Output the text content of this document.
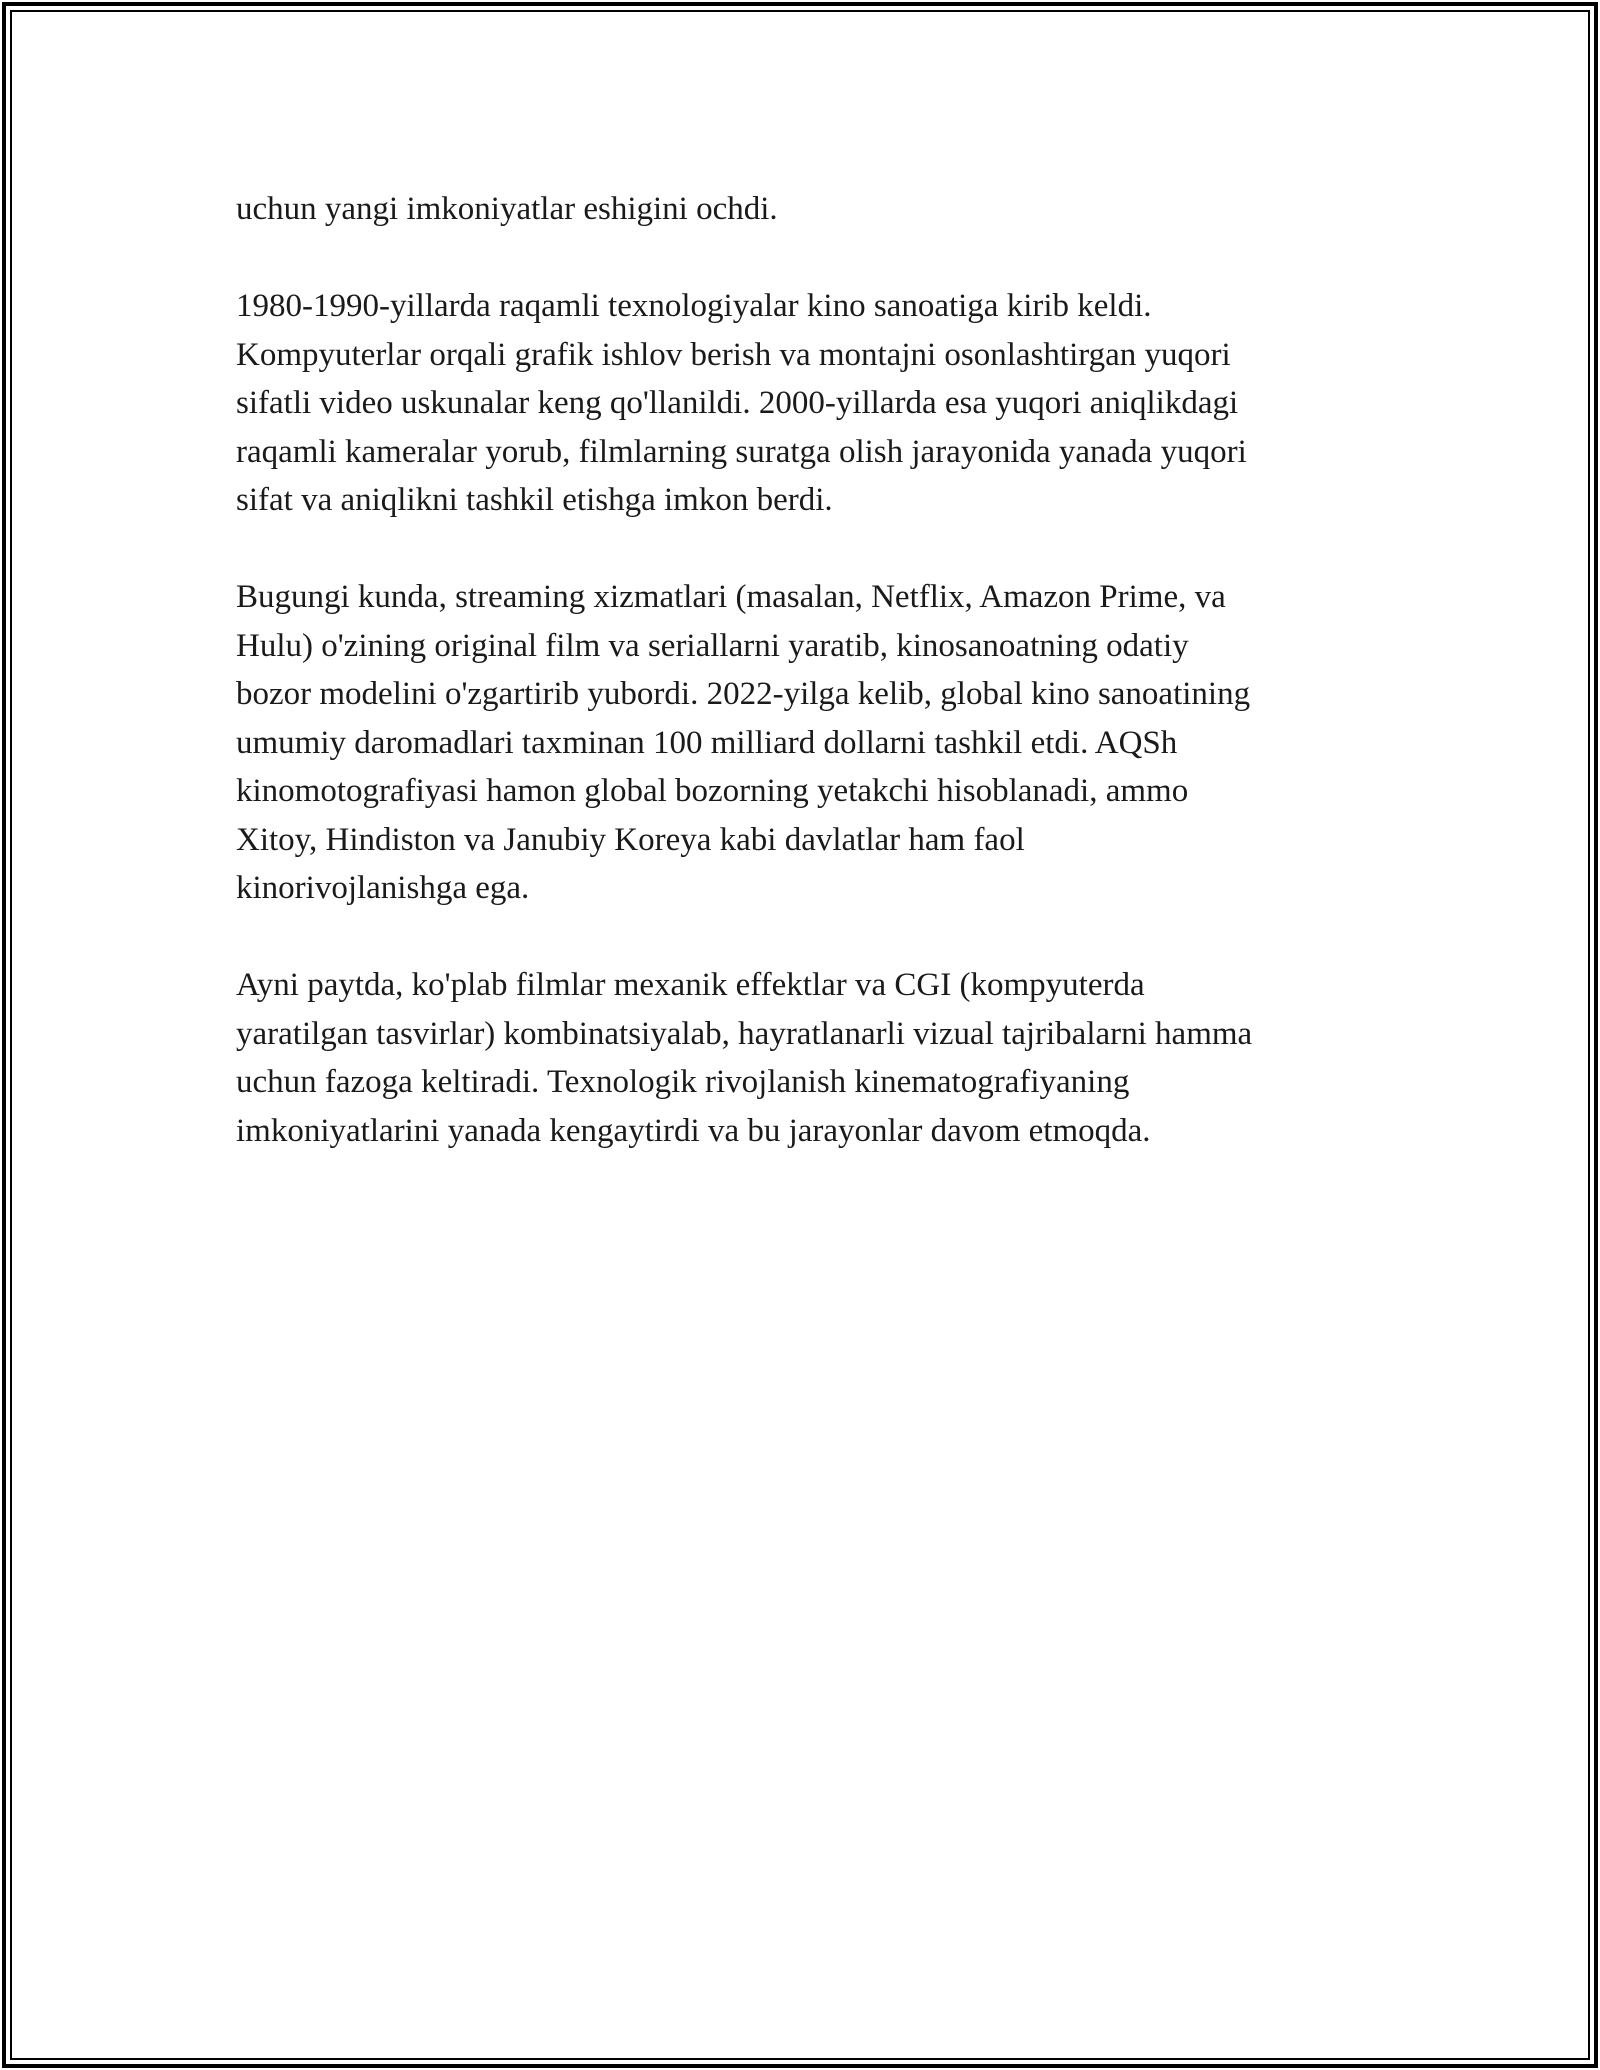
uchun yangi imkoniyatlar eshigini ochdi.

1980-1990-yillarda raqamli texnologiyalar kino sanoatiga kirib keldi.
Kompyuterlar orqali grafik ishlov berish va montajni osonlashtirgan yuqori
sifatli video uskunalar keng qo'llanildi. 2000-yillarda esa yuqori aniqlikdagi
raqamli kameralar yorub, filmlarning suratga olish jarayonida yanada yuqori
sifat va aniqlikni tashkil etishga imkon berdi.

Bugungi kunda, streaming xizmatlari (masalan, Netflix, Amazon Prime, va
Hulu) o'zining original film va seriallarni yaratib, kinosanoatning odatiy
bozor modelini o'zgartirib yubordi. 2022-yilga kelib, global kino sanoatining
umumiy daromadlari taxminan 100 milliard dollarni tashkil etdi. AQSh
kinomotografiyasi hamon global bozorning yetakchi hisoblanadi, ammo
Xitoy, Hindiston va Janubiy Koreya kabi davlatlar ham faol
kinorivojlanishga ega.

Ayni paytda, ko'plab filmlar mexanik effektlar va CGI (kompyuterda
yaratilgan tasvirlar) kombinatsiyalab, hayratlanarli vizual tajribalarni hamma
uchun fazoga keltiradi. Texnologik rivojlanish kinematografiyaning
imkoniyatlarini yanada kengaytirdi va bu jarayonlar davom etmoqda.
